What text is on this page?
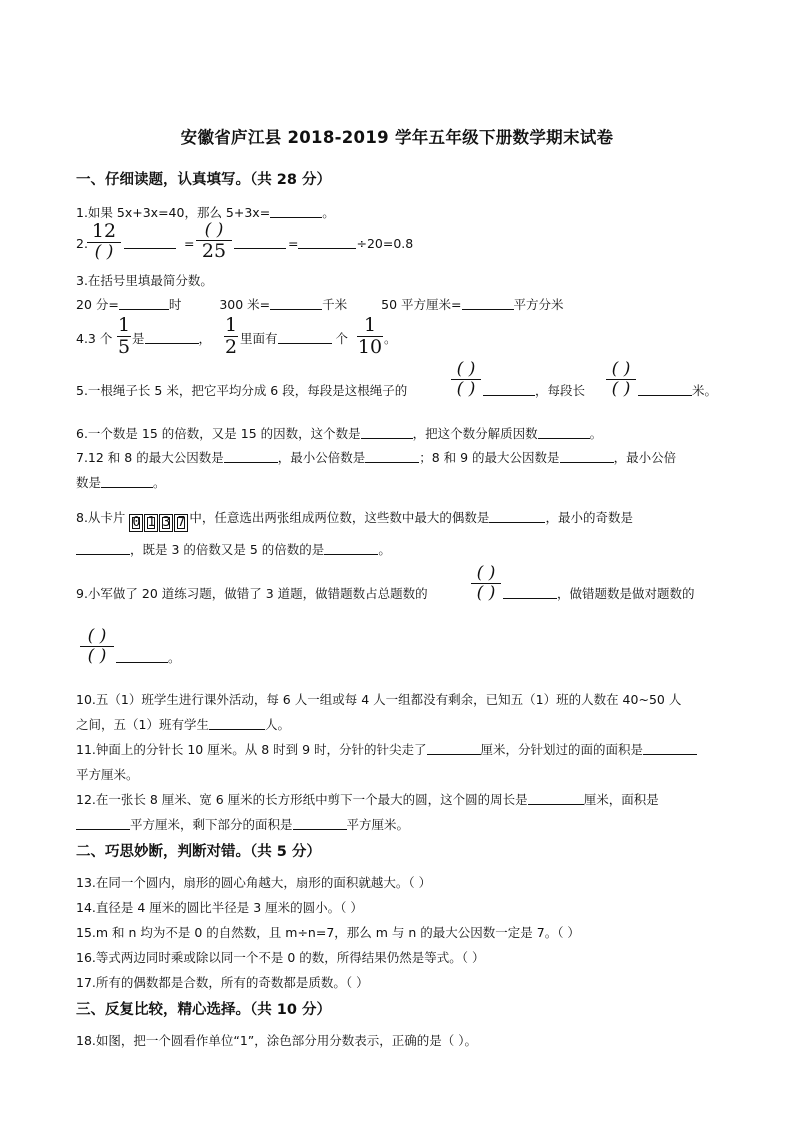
安徽省庐江县 2018-2019 学年五年级下册数学期末试卷
一、仔细读题，认真填写。（共 28 分）
1.如果 5x+3x=40，那么 5+3x=	。
2.
12
( )	=
( )
25	=	÷20=0.8
3.在括号里填最简分数。
20 分=	时	300 米=	千米	50 平方厘米=	平方分米
4.3 个
1
5 是	，
1
2 里面有	个
1
10 。
5.一根绳子长 5 米，把它平均分成 6 段，每段是这根绳子的
( )
( )	，每段长
( )
( )	米。
6.一个数是 15 的倍数，又是 15 的因数，这个数是	，把这个数分解质因数	。
7.12 和 8 的最大公因数是	，最小公倍数是	；8 和 9 的最大公因数是	，最小公倍
数是	。
8.从卡片 0 1 3 7 中，任意选出两张组成两位数，这些数中最大的偶数是	，最小的奇数是
，既是 3 的倍数又是 5 的倍数的是	。
9.小军做了 20 道练习题，做错了 3 道题，做错题数占总题数的
( )
( )	，做错题数是做对题数的
( )
( )	。
10.五（1）班学生进行课外活动，每 6 人一组或每 4 人一组都没有剩余，已知五（1）班的人数在 40~50 人
之间，五（1）班有学生	人。
11.钟面上的分针长 10 厘米。从 8 时到 9 时，分针的针尖走了	厘米，分针划过的面的面积是
平方厘米。
12.在一张长 8 厘米、宽 6 厘米的长方形纸中剪下一个最大的圆，这个圆的周长是	厘米，面积是
平方厘米，剩下部分的面积是	平方厘米。
二、巧思妙断，判断对错。（共 5 分）
13.在同一个圆内，扇形的圆心角越大，扇形的面积就越大。（ ）
14.直径是 4 厘米的圆比半径是 3 厘米的圆小。（ ）
15.m 和 n 均为不是 0 的自然数，且 m÷n=7，那么 m 与 n 的最大公因数一定是 7。（ ）
16.等式两边同时乘或除以同一个不是 0 的数，所得结果仍然是等式。（ ）
17.所有的偶数都是合数，所有的奇数都是质数。（ ）
三、反复比较，精心选择。（共 10 分）
18.如图，把一个圆看作单位“1”，涂色部分用分数表示，正确的是（ ）。
